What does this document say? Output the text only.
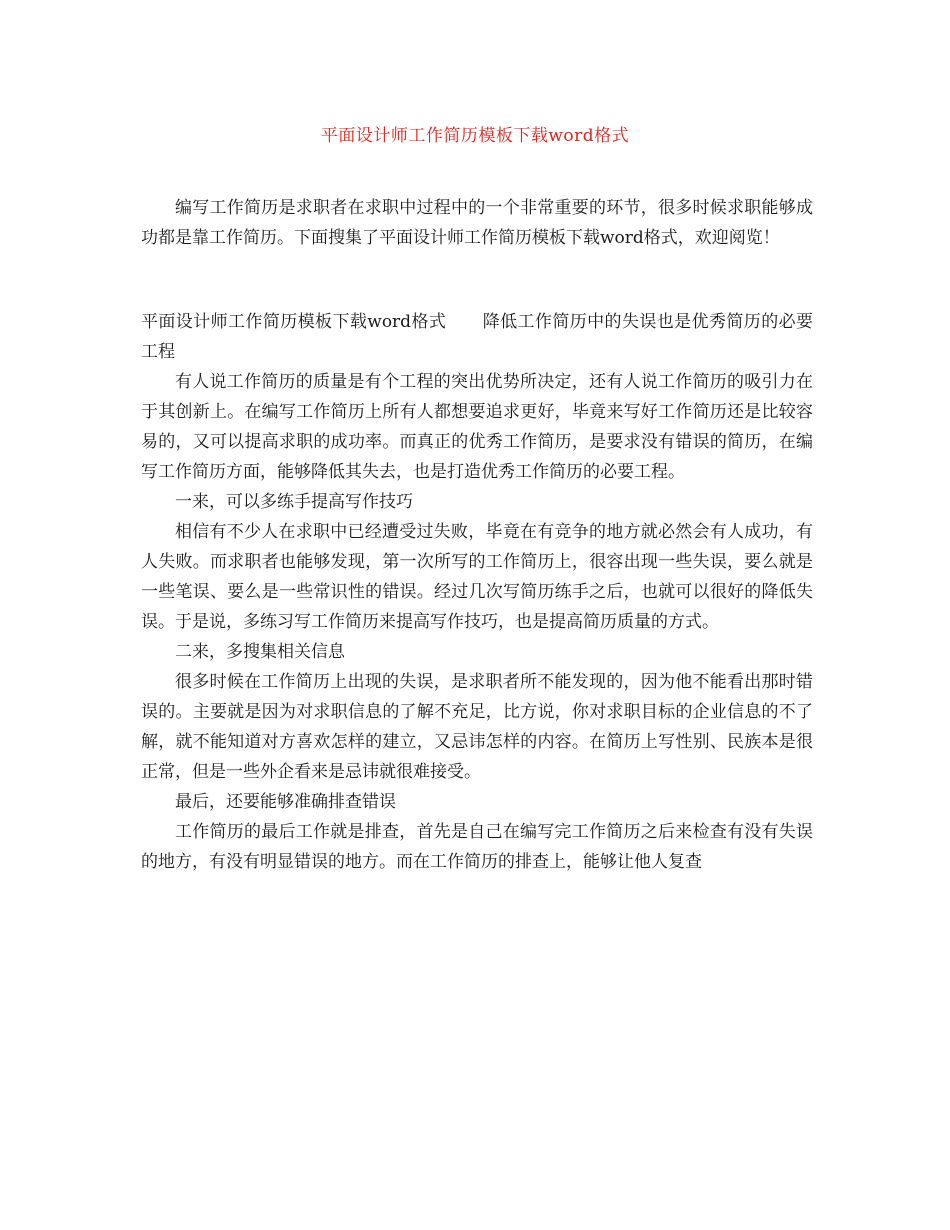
平面设计师工作简历模板下载word格式

编写工作简历是求职者在求职中过程中的一个非常重要的环节，很多时候求职能够成功都是靠工作简历。下面搜集了平面设计师工作简历模板下载word格式，欢迎阅览！

平面设计师工作简历模板下载word格式 降低工作简历中的失误也是优秀简历的必要工程

有人说工作简历的质量是有个工程的突出优势所决定，还有人说工作简历的吸引力在于其创新上。在编写工作简历上所有人都想要追求更好，毕竟来写好工作简历还是比较容易的，又可以提高求职的成功率。而真正的优秀工作简历，是要求没有错误的简历，在编写工作简历方面，能够降低其失去，也是打造优秀工作简历的必要工程。

一来，可以多练手提高写作技巧

相信有不少人在求职中已经遭受过失败，毕竟在有竞争的地方就必然会有人成功，有人失败。而求职者也能够发现，第一次所写的工作简历上，很容出现一些失误，要么就是一些笔误、要么是一些常识性的错误。经过几次写简历练手之后，也就可以很好的降低失误。于是说，多练习写工作简历来提高写作技巧，也是提高简历质量的方式。

二来，多搜集相关信息

很多时候在工作简历上出现的失误，是求职者所不能发现的，因为他不能看出那时错误的。主要就是因为对求职信息的了解不充足，比方说，你对求职目标的企业信息的不了解，就不能知道对方喜欢怎样的建立，又忌讳怎样的内容。在简历上写性别、民族本是很正常，但是一些外企看来是忌讳就很难接受。

最后，还要能够准确排查错误

工作简历的最后工作就是排查，首先是自己在编写完工作简历之后来检查有没有失误的地方，有没有明显错误的地方。而在工作简历的排查上，能够让他人复查
